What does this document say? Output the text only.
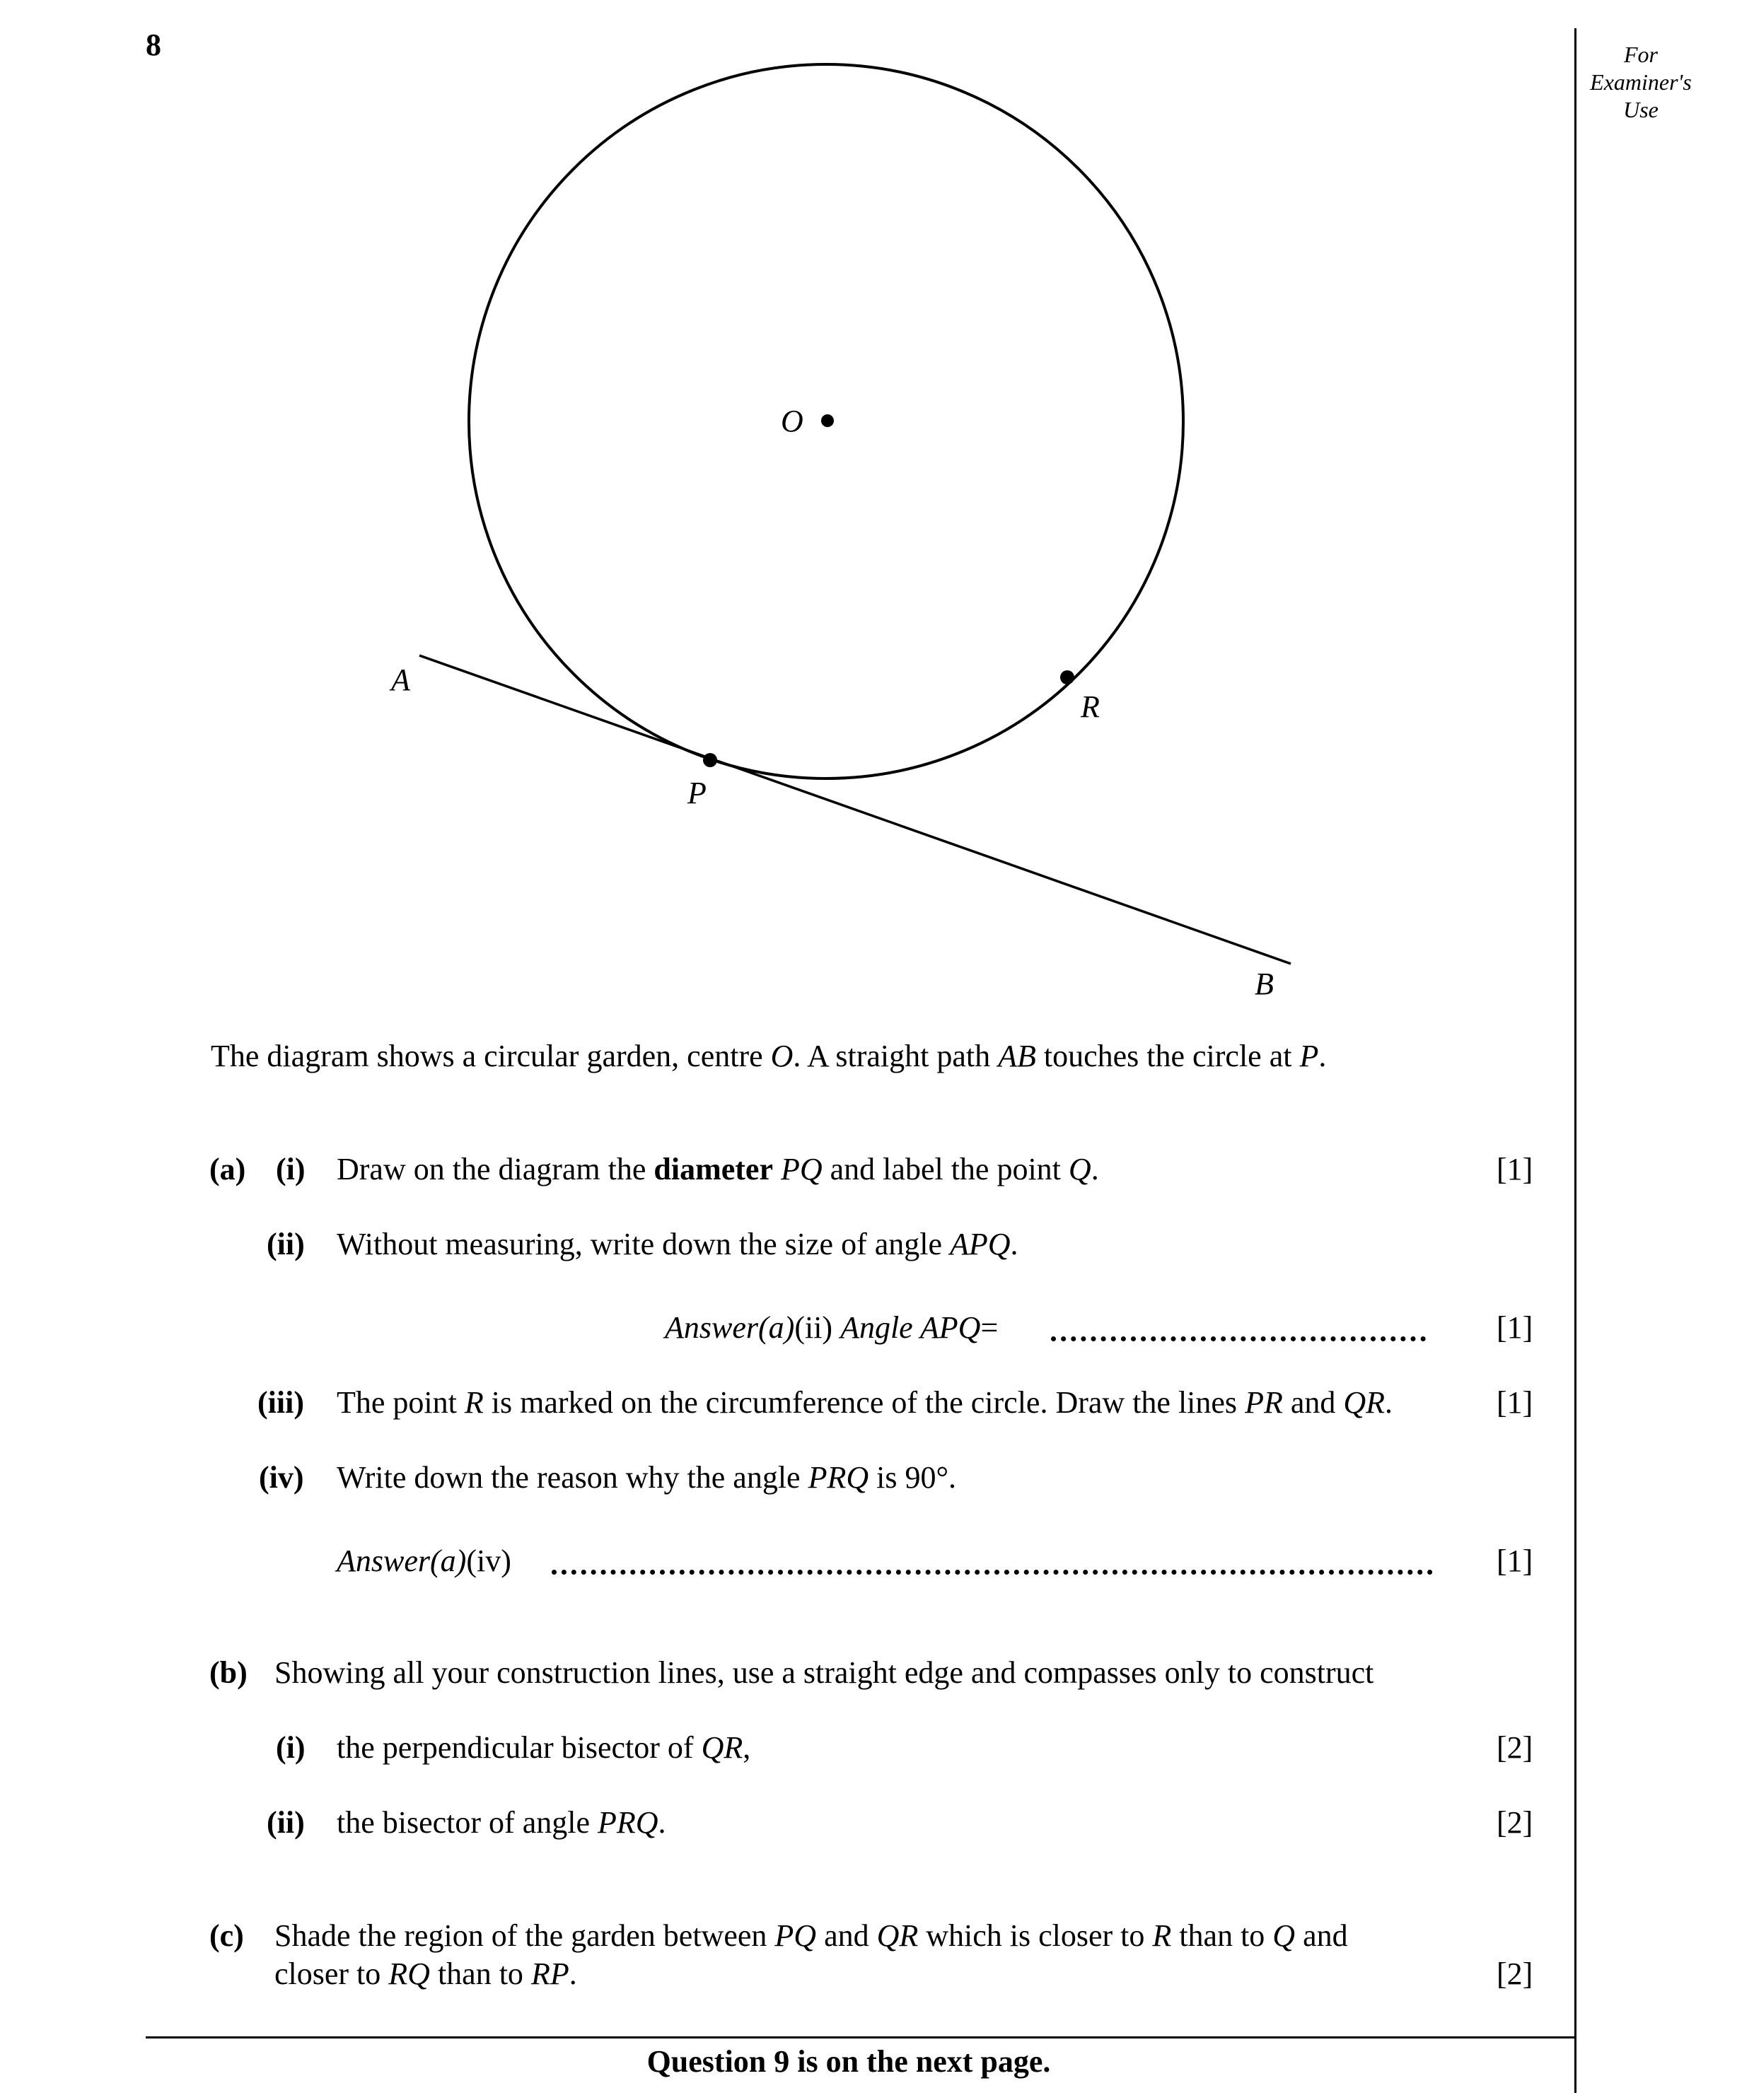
8	For
Examiner's
Use
O
A
B
P
R
The diagram shows a circular garden, centre O. A straight path AB touches the circle at P.
(a) (i) Draw on the diagram the diameter PQ and label the point Q.	[1]
(ii) Without measuring, write down the size of angle APQ.
Answer(a)(ii) Angle APQ=	[1]
(iii) The point R is marked on the circumference of the circle. Draw the lines PR and QR.	[1]
(iv) Write down the reason why the angle PRQ is 90°.
Answer(a)(iv)	[1]
(b) Showing all your construction lines, use a straight edge and compasses only to construct
(i) the perpendicular bisector of QR,	[2]
(ii) the bisector of angle PRQ.	[2]
(c) Shade the region of the garden between PQ and QR which is closer to R than to Q and
closer to RQ than to RP.	[2]
Question 9 is on the next page.
